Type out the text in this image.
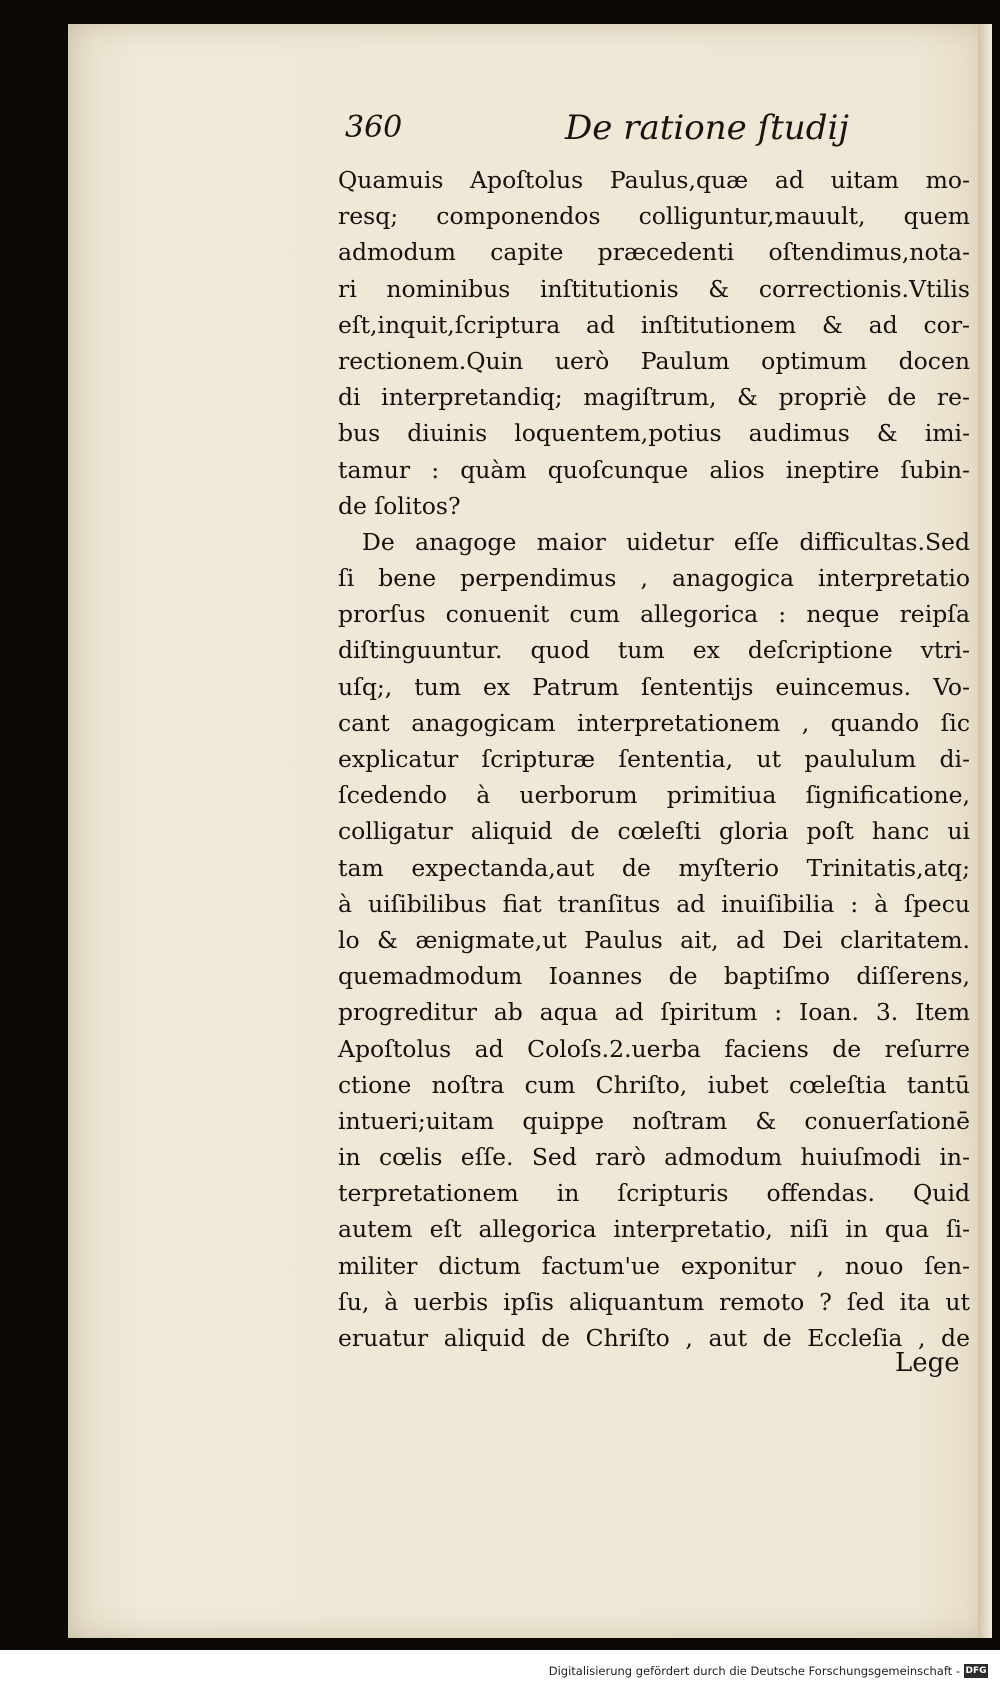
360	De ratione ſtudij
Quamuis Apoſtolus Paulus,quæ ad uitam mo-
resq; componendos colliguntur,mauult, quem
admodum capite præcedenti oſtendimus,nota-
ri nominibus inſtitutionis & correctionis.Vtilis
eſt,inquit,ſcriptura ad inſtitutionem & ad cor-
rectionem.Quin uerò Paulum optimum docen
di interpretandiq; magiſtrum, & propriè de re-
bus diuinis loquentem,potius audimus & imi-
tamur : quàm quoſcunque alios ineptire ſubin-
de ſolitos?
De anagoge maior uidetur eſſe difficultas.Sed
ſi bene perpendimus , anagogica interpretatio
prorſus conuenit cum allegorica : neque reipſa
diſtinguuntur. quod tum ex deſcriptione vtri-
uſq;, tum ex Patrum ſententijs euincemus. Vo-
cant anagogicam interpretationem , quando ſic
explicatur ſcripturæ ſententia, ut paululum di-
ſcedendo à uerborum primitiua ſignificatione,
colligatur aliquid de cœleſti gloria poſt hanc ui
tam expectanda,aut de myſterio Trinitatis,atq;
à uiſibilibus fiat tranſitus ad inuiſibilia : à ſpecu
lo & ænigmate,ut Paulus ait, ad Dei claritatem.
quemadmodum Ioannes de baptiſmo diſſerens,
progreditur ab aqua ad ſpiritum : Ioan. 3. Item
Apoſtolus ad Coloſs.2.uerba faciens de reſurre
ctione noſtra cum Chriſto, iubet cœleſtia tantū
intueri;uitam quippe noſtram & conuerſationē
in cœlis eſſe. Sed rarò admodum huiuſmodi in-
terpretationem in ſcripturis offendas. Quid
autem eſt allegorica interpretatio, niſi in qua ſi-
militer dictum factum'ue exponitur , nouo ſen-
ſu, à uerbis ipſis aliquantum remoto ? ſed ita ut
eruatur aliquid de Chriſto , aut de Eccleſia , de
Lege
Digitalisierung gefördert durch die Deutsche Forschungsgemeinschaft - DFG
